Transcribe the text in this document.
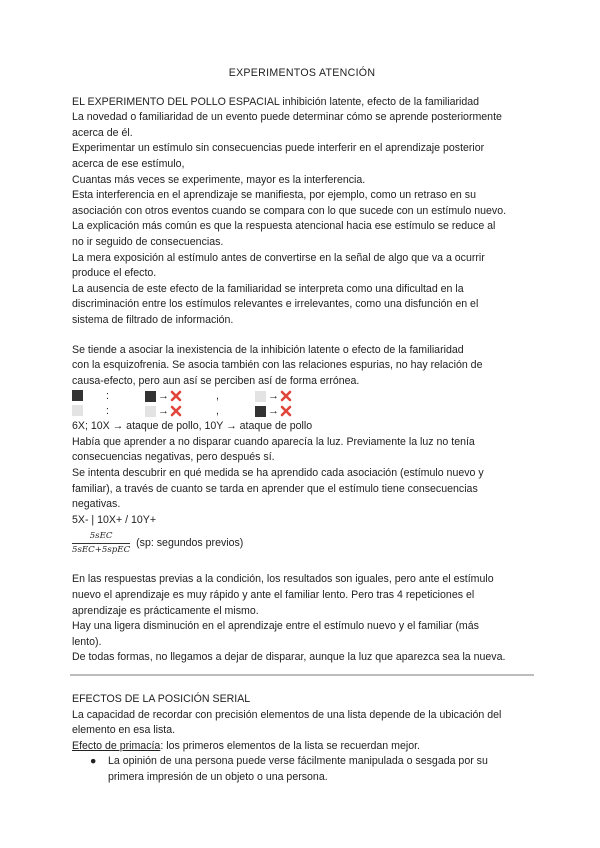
EXPERIMENTOS ATENCIÓN

EL EXPERIMENTO DEL POLLO ESPACIAL inhibición latente, efecto de la familiaridad

La novedad o familiaridad de un evento puede determinar cómo se aprende posteriormente

acerca de él.

Experimentar un estímulo sin consecuencias puede interferir en el aprendizaje posterior

acerca de ese estímulo,

Cuantas más veces se experimente, mayor es la interferencia.

Esta interferencia en el aprendizaje se manifiesta, por ejemplo, como un retraso en su

asociación con otros eventos cuando se compara con lo que sucede con un estímulo nuevo.

La explicación más común es que la respuesta atencional hacia ese estímulo se reduce al

no ir seguido de consecuencias.

La mera exposición al estímulo antes de convertirse en la señal de algo que va a ocurrir

produce el efecto.

La ausencia de este efecto de la familiaridad se interpreta como una dificultad en la

discriminación entre los estímulos relevantes e irrelevantes, como una disfunción en el

sistema de filtrado de información.

Se tiende a asociar la inexistencia de la inhibición latente o efecto de la familiaridad

con la esquizofrenia. Se asocia también con las relaciones espurias, no hay relación de

causa-efecto, pero aun así se perciben así de forma errónea.

:	→	,	→
:	→	,	→

6X; 10X → ataque de pollo, 10Y → ataque de pollo

Había que aprender a no disparar cuando aparecía la luz. Previamente la luz no tenía

consecuencias negativas, pero después sí.

Se intenta descubrir en qué medida se ha aprendido cada asociación (estímulo nuevo y

familiar), a través de cuanto se tarda en aprender que el estímulo tiene consecuencias

negativas.

5X- | 10X+ / 10Y+

$\frac{\text{5sEC}}{\text{5sEC+5spEC}} (sp$: segundos previos)

En las respuestas previas a la condición, los resultados son iguales, pero ante el estímulo

nuevo el aprendizaje es muy rápido y ante el familiar lento. Pero tras 4 repeticiones el

aprendizaje es prácticamente el mismo.

Hay una ligera disminución en el aprendizaje entre el estímulo nuevo y el familiar (más

lento).

De todas formas, no llegamos a dejar de disparar, aunque la luz que aparezca sea la nueva.

EFECTOS DE LA POSICIÓN SERIAL

La capacidad de recordar con precisión elementos de una lista depende de la ubicación del

elemento en esa lista.

Efecto de primacía: los primeros elementos de la lista se recuerdan mejor.

● La opinión de una persona puede verse fácilmente manipulada o sesgada por su
primera impresión de un objeto o una persona.
